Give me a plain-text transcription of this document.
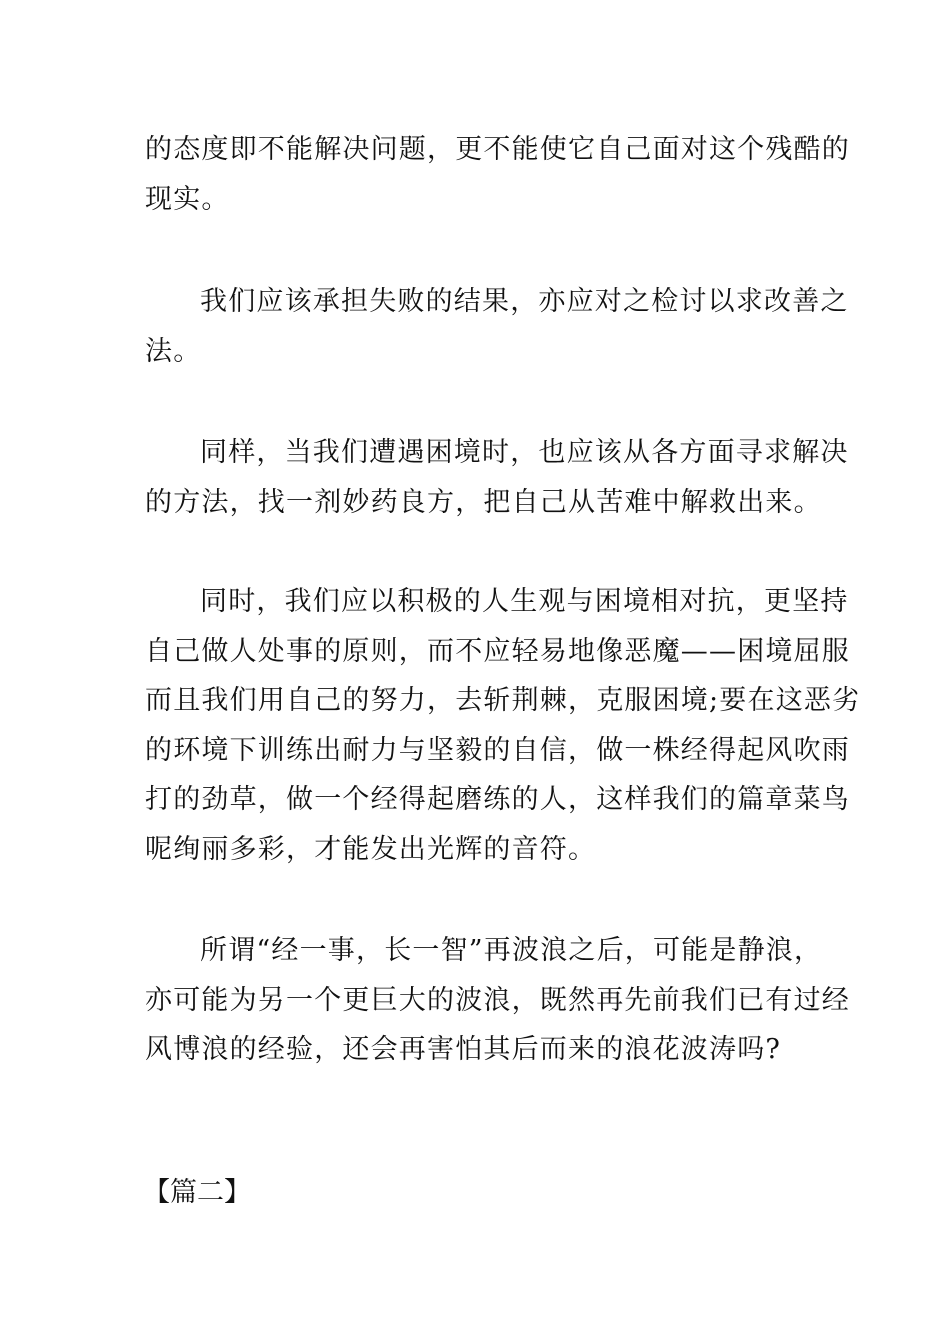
的态度即不能解决问题，更不能使它自己面对这个残酷的
现实。
我们应该承担失败的结果，亦应对之检讨以求改善之
法。
同样，当我们遭遇困境时，也应该从各方面寻求解决
的方法，找一剂妙药良方，把自己从苦难中解救出来。
同时，我们应以积极的人生观与困境相对抗，更坚持
自己做人处事的原则，而不应轻易地像恶魔——困境屈服
而且我们用自己的努力，去斩荆棘，克服困境;要在这恶劣
的环境下训练出耐力与坚毅的自信，做一株经得起风吹雨
打的劲草，做一个经得起磨练的人，这样我们的篇章菜鸟
呢绚丽多彩，才能发出光辉的音符。
所谓“经一事，长一智”再波浪之后，可能是静浪，
亦可能为另一个更巨大的波浪，既然再先前我们已有过经
风博浪的经验，还会再害怕其后而来的浪花波涛吗?
【篇二】
